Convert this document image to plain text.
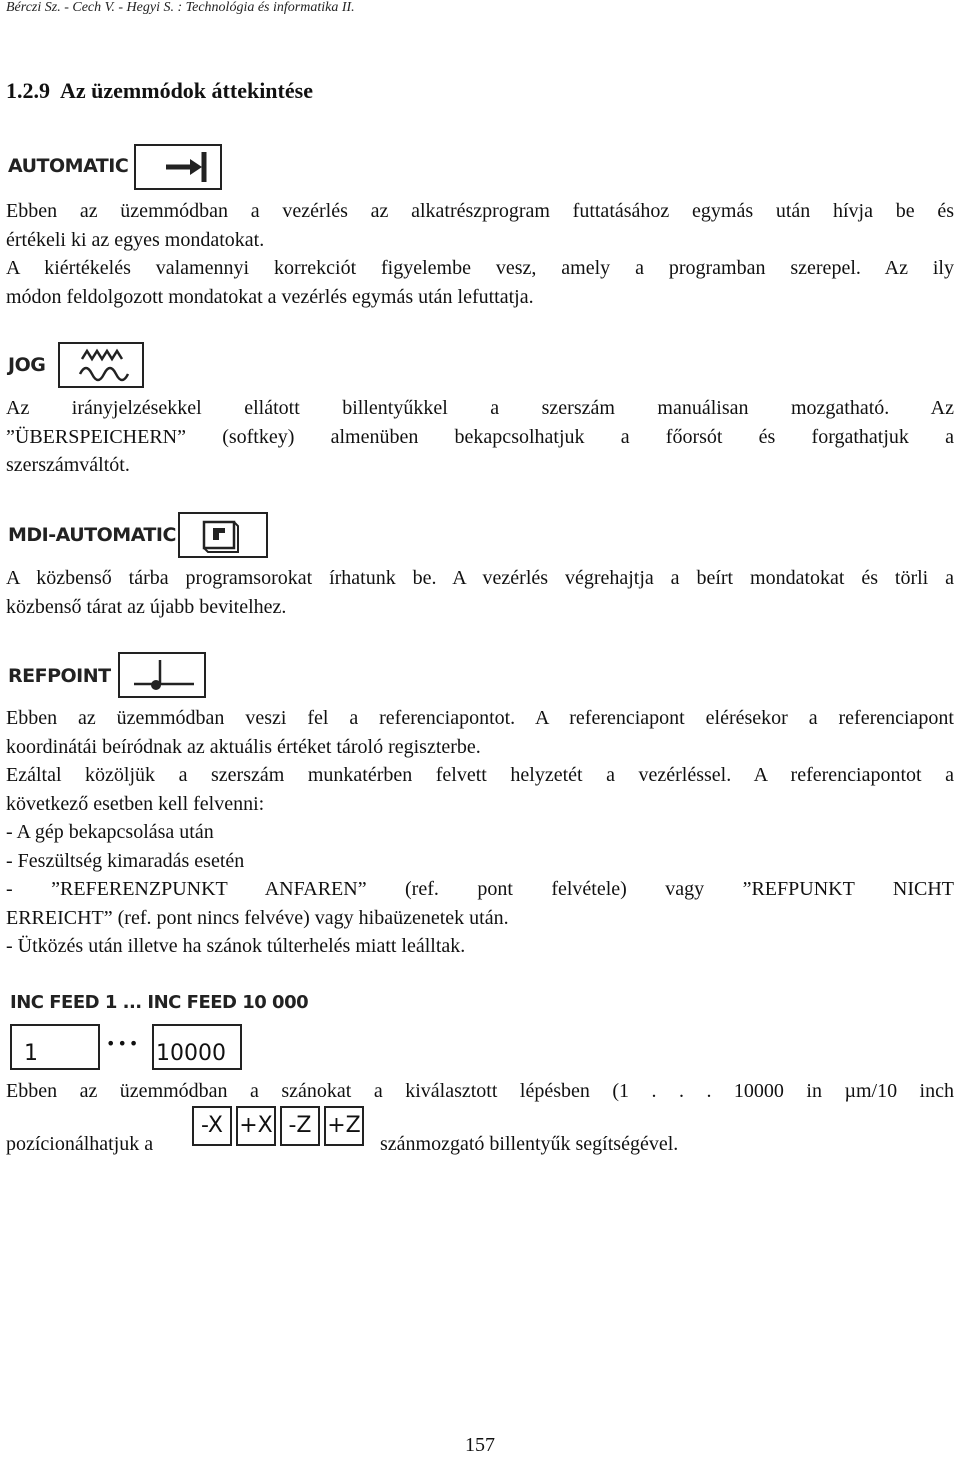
Bérczi Sz. - Cech V. - Hegyi S. : Technológia és informatika II.
1.2.9 Az üzemmódok áttekintése
AUTOMATIC
Ebben az üzemmódban a vezérlés az alkatrészprogram futtatásához egymás után hívja be és
értékeli ki az egyes mondatokat.
A kiértékelés valamennyi korrekciót figyelembe vesz, amely a programban szerepel. Az ily
módon feldolgozott mondatokat a vezérlés egymás után lefuttatja.
JOG
Az irányjelzésekkel ellátott billentyűkkel a szerszám manuálisan mozgatható. Az
”ÜBERSPEICHERN” (softkey) almenüben bekapcsolhatjuk a főorsót és forgathatjuk a
szerszámváltót.
MDI-AUTOMATIC
A közbenső tárba programsorokat írhatunk be. A vezérlés végrehajtja a beírt mondatokat és törli a
közbenső tárat az újabb bevitelhez.
REFPOINT
Ebben az üzemmódban veszi fel a referenciapontot. A referenciapont elérésekor a referenciapont
koordinátái beíródnak az aktuális értéket tároló regiszterbe.
Ezáltal közöljük a szerszám munkatérben felvett helyzetét a vezérléssel. A referenciapontot a
következő esetben kell felvenni:
- A gép bekapcsolása után
- Feszültség kimaradás esetén
- ”REFERENZPUNKT ANFAREN” (ref. pont felvétele) vagy ”REFPUNKT NICHT
ERREICHT” (ref. pont nincs felvéve) vagy hibaüzenetek után.
- Ütközés után illetve ha szánok túlterhelés miatt leálltak.
INC FEED 1 ... INC FEED 10 000
1	••• 10000
Ebben az üzemmódban a szánokat a kiválasztott lépésben (1 . . . 10000 in µm/10 inch
pozícionálhatjuk a
-X +X -Z +Z
szánmozgató billentyűk segítségével.
157
